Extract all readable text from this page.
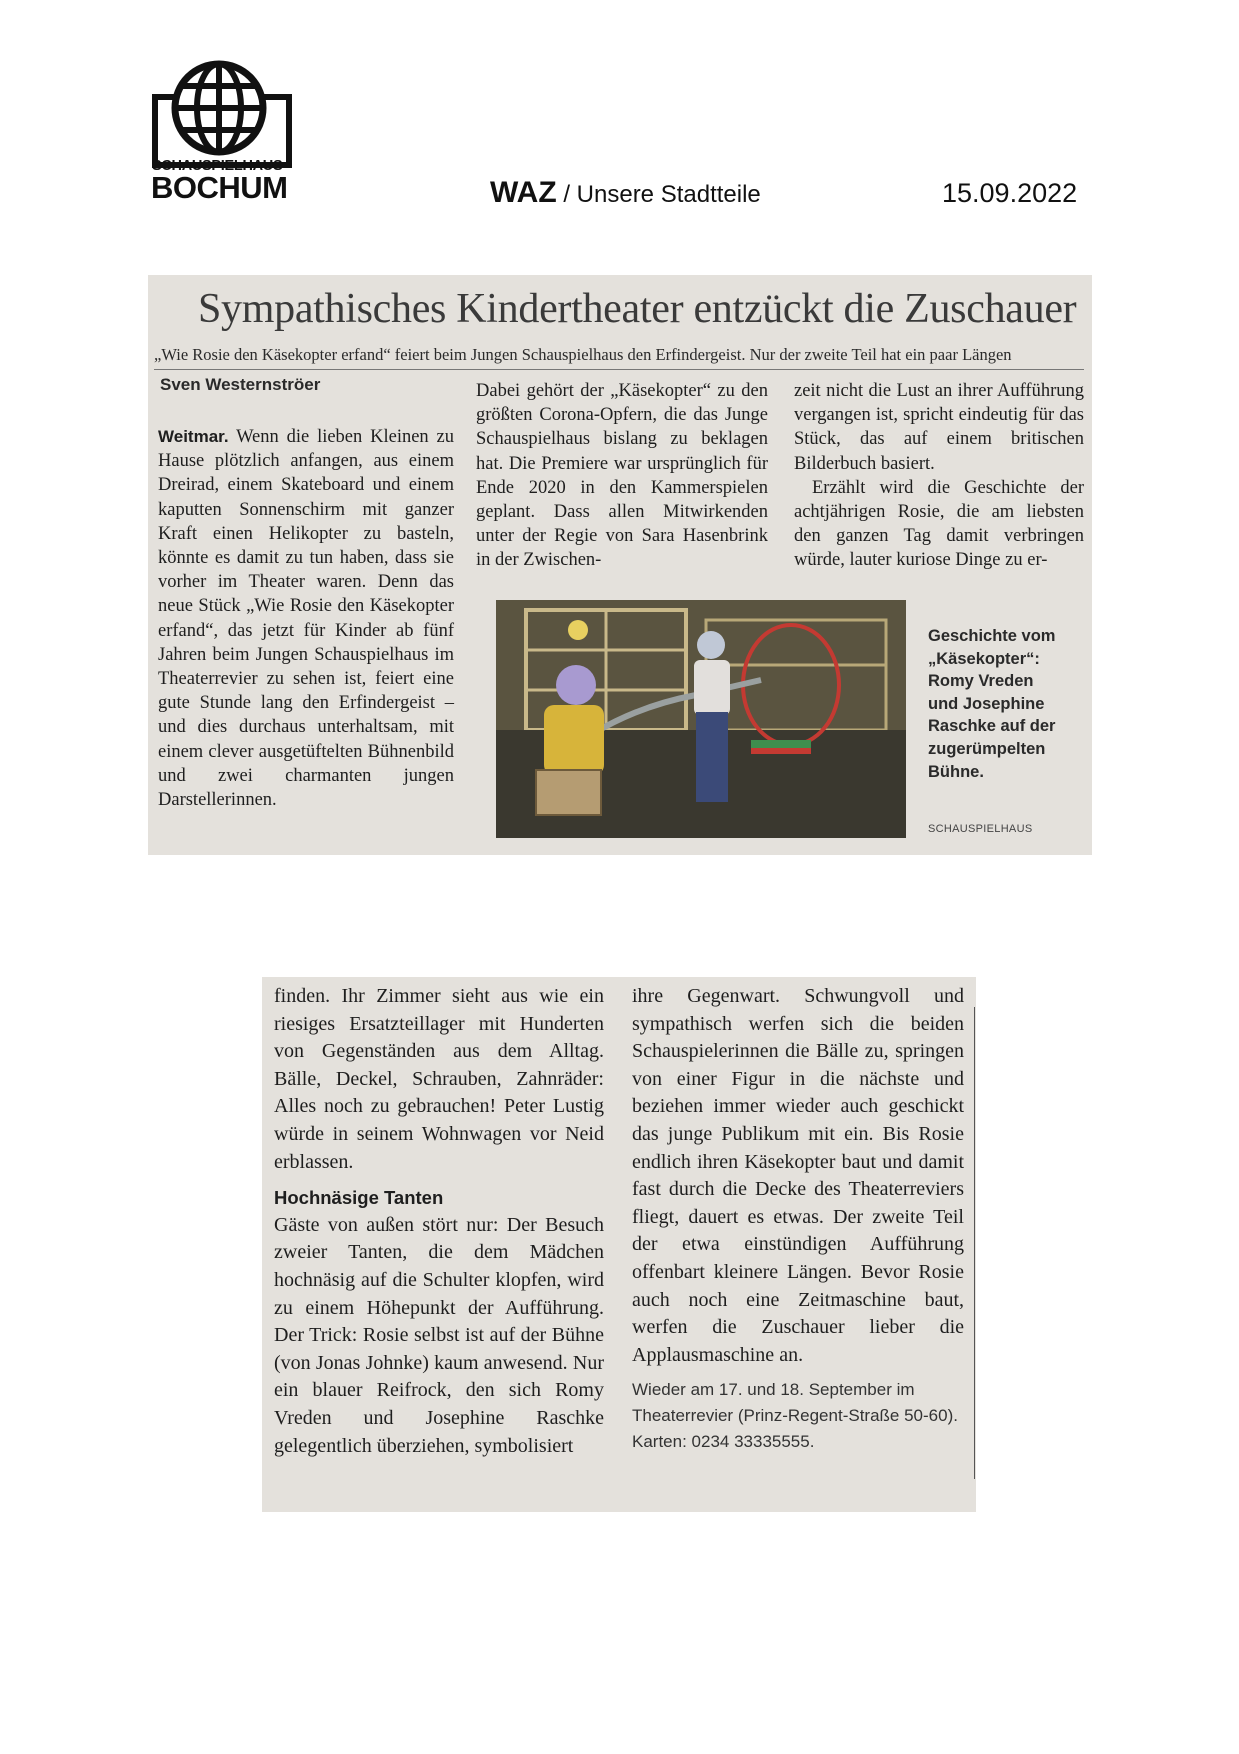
SCHAUSPIELHAUS
BOCHUM	WAZ / Unsere Stadtteile	15.09.2022
Sympathisches Kindertheater entzückt die Zuschauer
„Wie Rosie den Käsekopter erfand“ feiert beim Jungen Schauspielhaus den Erfindergeist. Nur der zweite Teil hat ein paar Längen
Sven Westernströer
Weitmar. Wenn die lieben Kleinen zu Hause plötzlich anfangen, aus einem Dreirad, einem Skateboard und einem kaputten Sonnenschirm mit ganzer Kraft einen Helikopter zu basteln, könnte es damit zu tun haben, dass sie vorher im Theater waren. Denn das neue Stück „Wie Rosie den Käsekopter erfand“, das jetzt für Kinder ab fünf Jahren beim Jungen Schauspielhaus im Theaterrevier zu sehen ist, feiert eine gute Stunde lang den Erfindergeist – und dies durchaus unterhaltsam, mit einem clever ausgetüftelten Bühnenbild und zwei charmanten jungen Darstellerinnen.
Dabei gehört der „Käsekopter“ zu den größten Corona-Opfern, die das Junge Schauspielhaus bislang zu beklagen hat. Die Premiere war ursprünglich für Ende 2020 in den Kammerspielen geplant. Dass allen Mitwirkenden unter der Regie von Sara Hasenbrink in der Zwischen-
zeit nicht die Lust an ihrer Aufführung vergangen ist, spricht eindeutig für das Stück, das auf einem britischen Bilderbuch basiert.
Erzählt wird die Geschichte der achtjährigen Rosie, die am liebsten den ganzen Tag damit verbringen würde, lauter kuriose Dinge zu er-
Geschichte vom „Käsekopter“: Romy Vreden und Josephine Raschke auf der zugerümpelten Bühne.
SCHAUSPIELHAUS
finden. Ihr Zimmer sieht aus wie ein riesiges Ersatzteillager mit Hunderten von Gegenständen aus dem Alltag. Bälle, Deckel, Schrauben, Zahnräder: Alles noch zu gebrauchen! Peter Lustig würde in seinem Wohnwagen vor Neid erblassen.
Hochnäsige Tanten
Gäste von außen stört nur: Der Besuch zweier Tanten, die dem Mädchen hochnäsig auf die Schulter klopfen, wird zu einem Höhepunkt der Aufführung. Der Trick: Rosie selbst ist auf der Bühne (von Jonas Johnke) kaum anwesend. Nur ein blauer Reifrock, den sich Romy Vreden und Josephine Raschke gelegentlich überziehen, symbolisiert
ihre Gegenwart. Schwungvoll und sympathisch werfen sich die beiden Schauspielerinnen die Bälle zu, springen von einer Figur in die nächste und beziehen immer wieder auch geschickt das junge Publikum mit ein. Bis Rosie endlich ihren Käsekopter baut und damit fast durch die Decke des Theaterreviers fliegt, dauert es etwas. Der zweite Teil der etwa einstündigen Aufführung offenbart kleinere Längen. Bevor Rosie auch noch eine Zeitmaschine baut, werfen die Zuschauer lieber die Applausmaschine an.
Wieder am 17. und 18. September im Theaterrevier (Prinz-Regent-Straße 50-60). Karten: 0234 33335555.
